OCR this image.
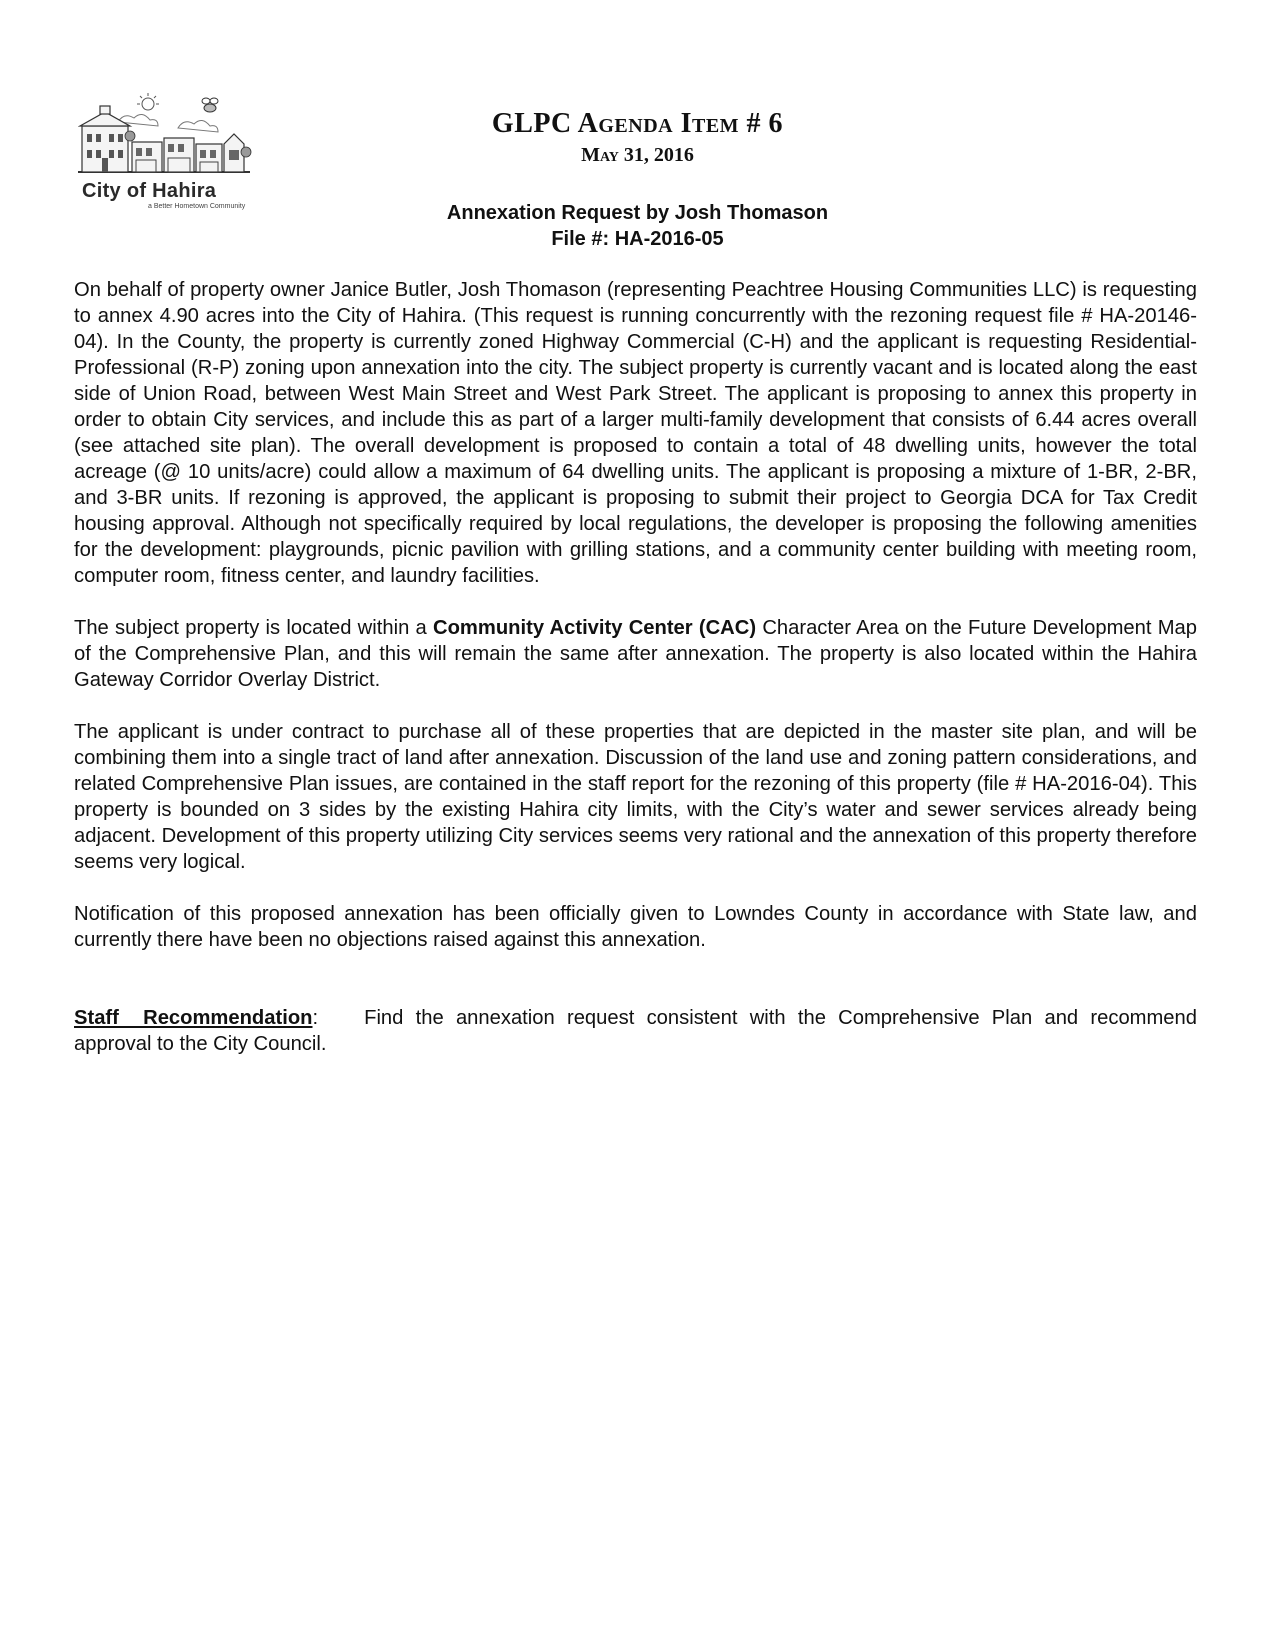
City of Hahira
a Better Hometown Community
GLPC Agenda Item # 6
May 31, 2016
Annexation Request by Josh Thomason
File #: HA-2016-05

On behalf of property owner Janice Butler, Josh Thomason (representing Peachtree Housing Communities LLC) is requesting to annex 4.90 acres into the City of Hahira. (This request is running concurrently with the rezoning request file # HA-20146-04). In the County, the property is currently zoned Highway Commercial (C-H) and the applicant is requesting Residential-Professional (R-P) zoning upon annexation into the city. The subject property is currently vacant and is located along the east side of Union Road, between West Main Street and West Park Street. The applicant is proposing to annex this property in order to obtain City services, and include this as part of a larger multi-family development that consists of 6.44 acres overall (see attached site plan). The overall development is proposed to contain a total of 48 dwelling units, however the total acreage (@ 10 units/acre) could allow a maximum of 64 dwelling units. The applicant is proposing a mixture of 1-BR, 2-BR, and 3-BR units. If rezoning is approved, the applicant is proposing to submit their project to Georgia DCA for Tax Credit housing approval. Although not specifically required by local regulations, the developer is proposing the following amenities for the development: playgrounds, picnic pavilion with grilling stations, and a community center building with meeting room, computer room, fitness center, and laundry facilities.

The subject property is located within a Community Activity Center (CAC) Character Area on the Future Development Map of the Comprehensive Plan, and this will remain the same after annexation. The property is also located within the Hahira Gateway Corridor Overlay District.

The applicant is under contract to purchase all of these properties that are depicted in the master site plan, and will be combining them into a single tract of land after annexation. Discussion of the land use and zoning pattern considerations, and related Comprehensive Plan issues, are contained in the staff report for the rezoning of this property (file # HA-2016-04). This property is bounded on 3 sides by the existing Hahira city limits, with the City’s water and sewer services already being adjacent. Development of this property utilizing City services seems very rational and the annexation of this property therefore seems very logical.

Notification of this proposed annexation has been officially given to Lowndes County in accordance with State law, and currently there have been no objections raised against this annexation.

Staff Recommendation: Find the annexation request consistent with the Comprehensive Plan and recommend approval to the City Council.
